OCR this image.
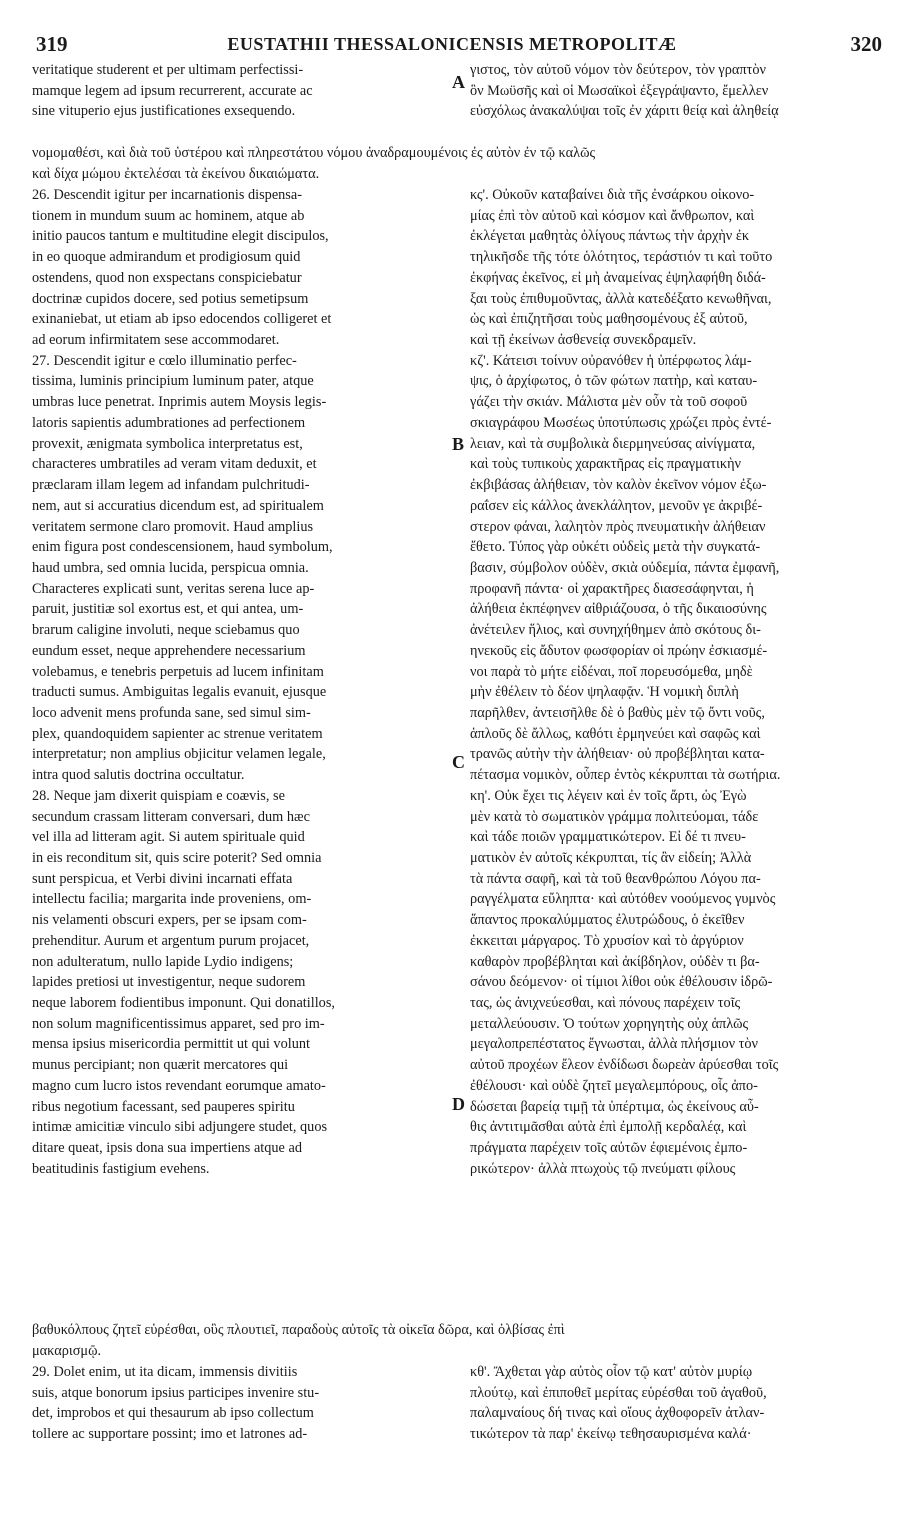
319	EUSTATHII THESSALONICENSIS METROPOLITÆ	320
A
B
C
D
veritatique studerent et per ultimam perfectissi-
mamque legem ad ipsum recurrerent, accurate ac
sine vituperio ejus justificationes exsequendo.
γιστος, τὸν αὐτοῦ νόμον τὸν δεύτερον, τὸν γραπτὸν
ὃν Μωϋσῆς καὶ οἱ Μωσαϊκοὶ ἐξεγράψαντο, ἔμελλεν
εὐσχόλως ἀνακαλύψαι τοῖς ἐν χάριτι θείᾳ καὶ ἀληθείᾳ
νομομαθέσι, καὶ διὰ τοῦ ὑστέρου καὶ πληρεστάτου νόμου ἀναδραμουμένοις ἐς αὐτὸν ἐν τῷ καλῶς
καὶ δίχα μώμου ἐκτελέσαι τὰ ἐκείνου δικαιώματα.
26. Descendit igitur per incarnationis dispensa-
tionem in mundum suum ac hominem, atque ab
initio paucos tantum e multitudine elegit discipulos,
in eo quoque admirandum et prodigiosum quid
ostendens, quod non exspectans conspiciebatur
doctrinæ cupidos docere, sed potius semetipsum
exinaniebat, ut etiam ab ipso edocendos colligeret et
ad eorum infirmitatem sese accommodaret.
27. Descendit igitur e cœlo illuminatio perfec-
tissima, luminis principium luminum pater, atque
umbras luce penetrat. Inprimis autem Moysis legis-
latoris sapientis adumbrationes ad perfectionem
provexit, ænigmata symbolica interpretatus est,
characteres umbratiles ad veram vitam deduxit, et
præclaram illam legem ad infandam pulchritudi-
nem, aut si accuratius dicendum est, ad spiritualem
veritatem sermone claro promovit. Haud amplius
enim figura post condescensionem, haud symbolum,
haud umbra, sed omnia lucida, perspicua omnia.
Characteres explicati sunt, veritas serena luce ap-
paruit, justitiæ sol exortus est, et qui antea, um-
brarum caligine involuti, neque sciebamus quo
eundum esset, neque apprehendere necessarium
volebamus, e tenebris perpetuis ad lucem infinitam
traducti sumus. Ambiguitas legalis evanuit, ejusque
loco advenit mens profunda sane, sed simul sim-
plex, quandoquidem sapienter ac strenue veritatem
interpretatur; non amplius objicitur velamen legale,
intra quod salutis doctrina occultatur.
28. Neque jam dixerit quispiam e coævis, se
secundum crassam litteram conversari, dum hæc
vel illa ad litteram agit. Si autem spirituale quid
in eis reconditum sit, quis scire poterit? Sed omnia
sunt perspicua, et Verbi divini incarnati effata
intellectu facilia; margarita inde proveniens, om-
nis velamenti obscuri expers, per se ipsam com-
prehenditur. Aurum et argentum purum projacet,
non adulteratum, nullo lapide Lydio indigens;
lapides pretiosi ut investigentur, neque sudorem
neque laborem fodientibus imponunt. Qui donatillos,
non solum magnificentissimus apparet, sed pro im-
mensa ipsius misericordia permittit ut qui volunt
munus percipiant; non quærit mercatores qui
magno cum lucro istos revendant eorumque amato-
ribus negotium facessant, sed pauperes spiritu
intimæ amicitiæ vinculo sibi adjungere studet, quos
ditare queat, ipsis dona sua impertiens atque ad
beatitudinis fastigium evehens.
κς'. Οὐκοῦν καταβαίνει διὰ τῆς ἐνσάρκου οἰκονο-
μίας ἐπὶ τὸν αὐτοῦ καὶ κόσμον καὶ ἄνθρωπον, καὶ
ἐκλέγεται μαθητὰς ὀλίγους πάντως τὴν ἀρχὴν ἐκ
τηλικῆσδε τῆς τότε ὁλότητος, τεράστιόν τι καὶ τοῦτο
ἐκφήνας ἐκεῖνος, εἰ μὴ ἀναμείνας ἐψηλαφήθη διδά-
ξαι τοὺς ἐπιθυμοῦντας, ἀλλὰ κατεδέξατο κενωθῆναι,
ὡς καὶ ἐπιζητῆσαι τοὺς μαθησομένους ἐξ αὐτοῦ,
καὶ τῇ ἐκείνων ἀσθενείᾳ συνεκδραμεῖν.
κζ'. Κάτεισι τοίνυν οὐρανόθεν ἡ ὑπέρφωτος λάμ-
ψις, ὁ ἀρχίφωτος, ὁ τῶν φώτων πατὴρ, καὶ καταυ-
γάζει τὴν σκιάν. Μάλιστα μὲν οὖν τὰ τοῦ σοφοῦ
σκιαγράφου Μωσέως ὑποτύπωσις χρώζει πρὸς ἐντέ-
λειαν, καὶ τὰ συμβολικὰ διερμηνεύσας αἰνίγματα,
καὶ τοὺς τυπικοὺς χαρακτῆρας εἰς πραγματικὴν
ἐκβιβάσας ἀλήθειαν, τὸν καλὸν ἐκεῖνον νόμον ἐξω-
ραΐσεν εἰς κάλλος ἀνεκλάλητον, μενοῦν γε ἀκριβέ-
στερον φάναι, λαλητὸν πρὸς πνευματικὴν ἀλήθειαν
ἔθετο. Τύπος γὰρ οὐκέτι οὐδεὶς μετὰ τὴν συγκατά-
βασιν, σύμβολον οὐδὲν, σκιὰ οὐδεμία, πάντα ἐμφανῆ,
προφανῆ πάντα· οἱ χαρακτῆρες διασεσάφηνται, ἡ
ἀλήθεια ἐκπέφηνεν αἰθριάζουσα, ὁ τῆς δικαιοσύνης
ἀνέτειλεν ἥλιος, καὶ συνηχήθημεν ἀπὸ σκότους δι-
ηνεκοῦς εἰς ἄδυτον φωσφορίαν οἱ πρώην ἐσκιασμέ-
νοι παρὰ τὸ μήτε εἰδέναι, ποῖ πορευσόμεθα, μηδὲ
μὴν ἐθέλειν τὸ δέον ψηλαφᾷν. Ἡ νομικὴ διπλὴ
παρῆλθεν, ἀντεισῆλθε δὲ ὁ βαθὺς μὲν τῷ ὄντι νοῦς,
ἁπλοῦς δὲ ἄλλως, καθότι ἑρμηνεύει καὶ σαφῶς καὶ
τρανῶς αὐτὴν τὴν ἀλήθειαν· οὐ προβέβληται κατα-
πέτασμα νομικὸν, οὗπερ ἐντὸς κέκρυπται τὰ σωτήρια.
κη'. Οὐκ ἔχει τις λέγειν καὶ ἐν τοῖς ἄρτι, ὡς Ἐγὼ
μὲν κατὰ τὸ σωματικὸν γράμμα πολιτεύομαι, τάδε
καὶ τάδε ποιῶν γραμματικώτερον. Εἰ δέ τι πνευ-
ματικὸν ἐν αὐτοῖς κέκρυπται, τίς ἂν εἰδείη; Ἀλλὰ
τὰ πάντα σαφῆ, καὶ τὰ τοῦ θεανθρώπου Λόγου πα-
ραγγέλματα εὔληπτα· καὶ αὐτόθεν νοούμενος γυμνὸς
ἅπαντος προκαλύμματος ἐλυτρώδους, ὁ ἐκεῖθεν
ἐκκειται μάργαρος. Τὸ χρυσίον καὶ τὸ ἀργύριον
καθαρὸν προβέβληται καὶ ἀκίβδηλον, οὐδὲν τι βα-
σάνου δεόμενον· οἱ τίμιοι λίθοι οὐκ ἐθέλουσιν ἱδρῶ-
τας, ὡς ἀνιχνεύεσθαι, καὶ πόνους παρέχειν τοῖς
μεταλλεύουσιν. Ὁ τούτων χορηγητὴς οὐχ ἁπλῶς
μεγαλοπρεπέστατος ἔγνωσται, ἀλλὰ πλήσμιον τὸν
αὐτοῦ προχέων ἔλεον ἐνδίδωσι δωρεὰν ἀρύεσθαι τοῖς
ἐθέλουσι· καὶ οὐδὲ ζητεῖ μεγαλεμπόρους, οἷς ἀπο-
δώσεται βαρείᾳ τιμῇ τὰ ὑπέρτιμα, ὡς ἐκείνους αὖ-
θις ἀντιτιμᾶσθαι αὐτὰ ἐπὶ ἐμπολῇ κερδαλέᾳ, καὶ
πράγματα παρέχειν τοῖς αὐτῶν ἐφιεμένοις ἐμπο-
ρικώτερον· ἀλλὰ πτωχοὺς τῷ πνεύματι φίλους
βαθυκόλπους ζητεῖ εὑρέσθαι, οὓς πλουτιεῖ, παραδοὺς αὐτοῖς τὰ οἰκεῖα δῶρα, καὶ ὀλβίσας ἐπὶ
μακαρισμῷ.
29. Dolet enim, ut ita dicam, immensis divitiis
suis, atque bonorum ipsius participes invenire stu-
det, improbos et qui thesaurum ab ipso collectum
tollere ac supportare possint; imo et latrones ad-
κθ'. Ἄχθεται γὰρ αὐτὸς οἷον τῷ κατ' αὐτὸν μυρίῳ
πλούτῳ, καὶ ἐπιποθεῖ μερίτας εὑρέσθαι τοῦ ἀγαθοῦ,
παλαμναίους δή τινας καὶ οἵους ἀχθοφορεῖν ἀτλαν-
τικώτερον τὰ παρ' ἐκείνῳ τεθησαυρισμένα καλά·
